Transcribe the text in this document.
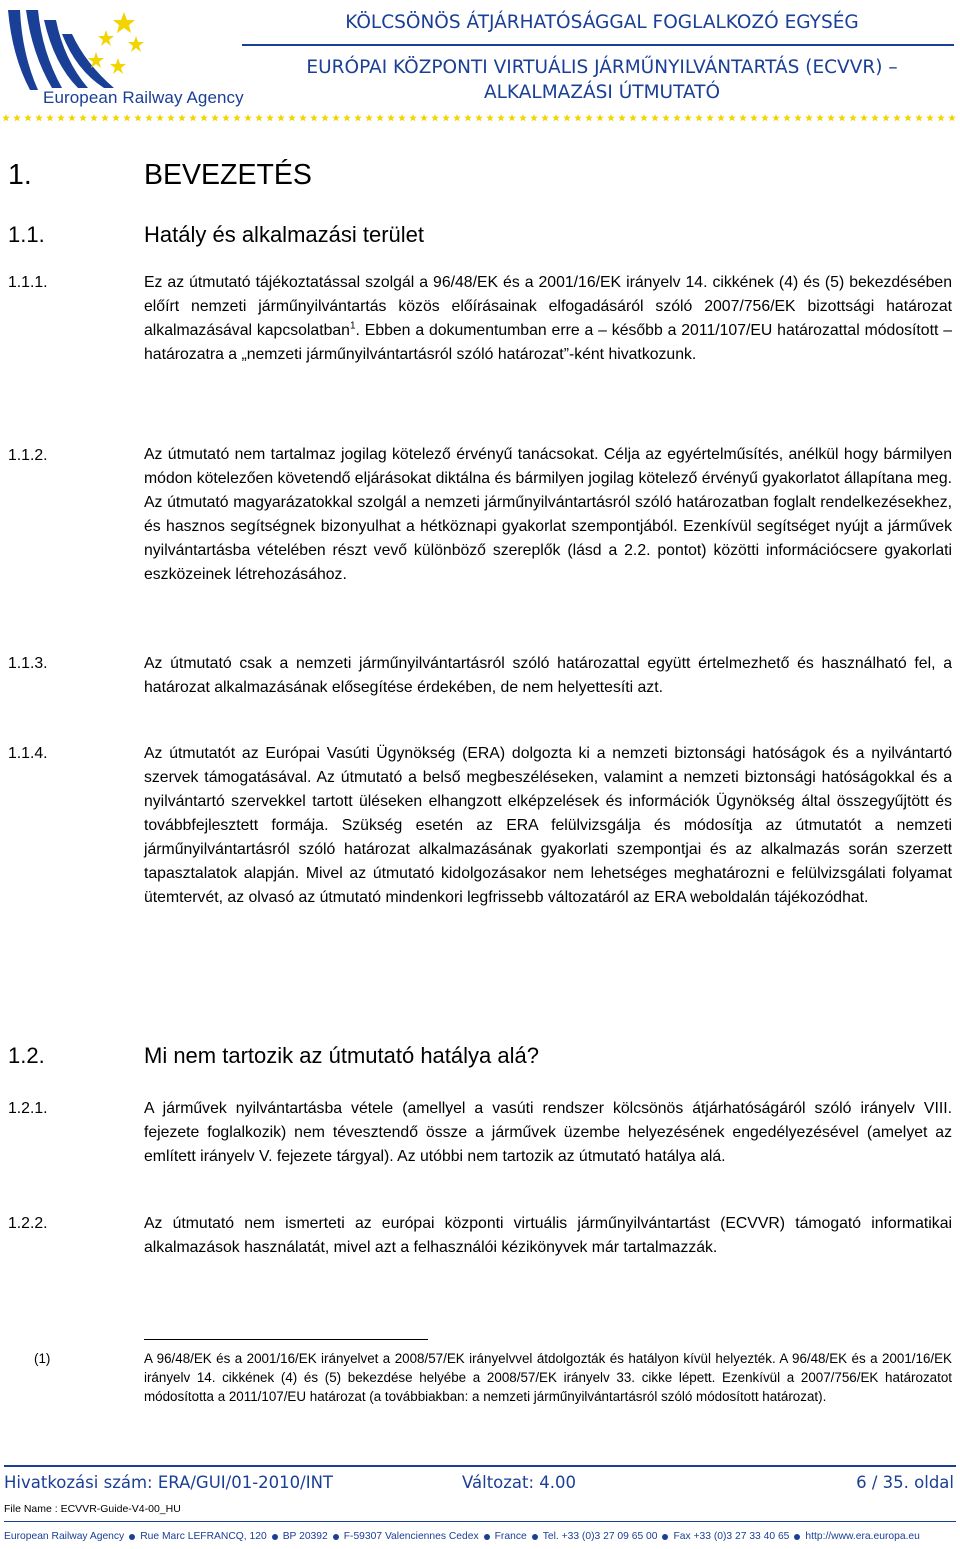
European Railway Agency
KÖLCSÖNÖS ÁTJÁRHATÓSÁGGAL FOGLALKOZÓ EGYSÉG
EURÓPAI KÖZPONTI VIRTUÁLIS JÁRMŰNYILVÁNTARTÁS (ECVVR) –
ALKALMAZÁSI ÚTMUTATÓ
1.	BEVEZETÉS
1.1.	Hatály és alkalmazási terület
1.1.1.	Ez az útmutató tájékoztatással szolgál a 96/48/EK és a 2001/16/EK irányelv 14. cikkének (4) és (5) bekezdésében előírt nemzeti járműnyilvántartás közös előírásainak elfogadásáról szóló 2007/756/EK bizottsági határozat alkalmazásával kapcsolatban$^1$. Ebben a dokumentumban erre a – később a 2011/107/EU határozattal módosított – határozatra a „nemzeti járműnyilvántartásról szóló határozat”-ként hivatkozunk.
1.1.2.	Az útmutató nem tartalmaz jogilag kötelező érvényű tanácsokat. Célja az egyértelműsítés, anélkül hogy bármilyen módon kötelezően követendő eljárásokat diktálna és bármilyen jogilag kötelező érvényű gyakorlatot állapítana meg. Az útmutató magyarázatokkal szolgál a nemzeti járműnyilvántartásról szóló határozatban foglalt rendelkezésekhez, és hasznos segítségnek bizonyulhat a hétköznapi gyakorlat szempontjából. Ezenkívül segítséget nyújt a járművek nyilvántartásba vételében részt vevő különböző szereplők (lásd a 2.2. pontot) közötti információcsere gyakorlati eszközeinek létrehozásához.
1.1.3.	Az útmutató csak a nemzeti járműnyilvántartásról szóló határozattal együtt értelmezhető és használható fel, a határozat alkalmazásának elősegítése érdekében, de nem helyettesíti azt.
1.1.4.	Az útmutatót az Európai Vasúti Ügynökség (ERA) dolgozta ki a nemzeti biztonsági hatóságok és a nyilvántartó szervek támogatásával. Az útmutató a belső megbeszéléseken, valamint a nemzeti biztonsági hatóságokkal és a nyilvántartó szervekkel tartott üléseken elhangzott elképzelések és információk Ügynökség által összegyűjtött és továbbfejlesztett formája. Szükség esetén az ERA felülvizsgálja és módosítja az útmutatót a nemzeti járműnyilvántartásról szóló határozat alkalmazásának gyakorlati szempontjai és az alkalmazás során szerzett tapasztalatok alapján. Mivel az útmutató kidolgozásakor nem lehetséges meghatározni e felülvizsgálati folyamat ütemtervét, az olvasó az útmutató mindenkori legfrissebb változatáról az ERA weboldalán tájékozódhat.
1.2.	Mi nem tartozik az útmutató hatálya alá?
1.2.1.	A járművek nyilvántartásba vétele (amellyel a vasúti rendszer kölcsönös átjárhatóságáról szóló irányelv VIII. fejezete foglalkozik) nem tévesztendő össze a járművek üzembe helyezésének engedélyezésével (amelyet az említett irányelv V. fejezete tárgyal). Az utóbbi nem tartozik az útmutató hatálya alá.
1.2.2.	Az útmutató nem ismerteti az európai központi virtuális járműnyilvántartást (ECVVR) támogató informatikai alkalmazások használatát, mivel azt a felhasználói kézikönyvek már tartalmazzák.
(1)	A 96/48/EK és a 2001/16/EK irányelvet a 2008/57/EK irányelvvel átdolgozták és hatályon kívül helyezték. A 96/48/EK és a 2001/16/EK irányelv 14. cikkének (4) és (5) bekezdése helyébe a 2008/57/EK irányelv 33. cikke lépett. Ezenkívül a 2007/756/EK határozatot módosította a 2011/107/EU határozat (a továbbiakban: a nemzeti járműnyilvántartásról szóló módosított határozat).
Hivatkozási szám: ERA/GUI/01-2010/INT	Változat: 4.00	6 / 35. oldal
File Name : ECVVR-Guide-V4-00_HU
European Railway Agency Rue Marc LEFRANCQ, 120 BP 20392 F-59307 Valenciennes Cedex France Tel. +33 (0)3 27 09 65 00 Fax +33 (0)3 27 33 40 65 http://www.era.europa.eu
